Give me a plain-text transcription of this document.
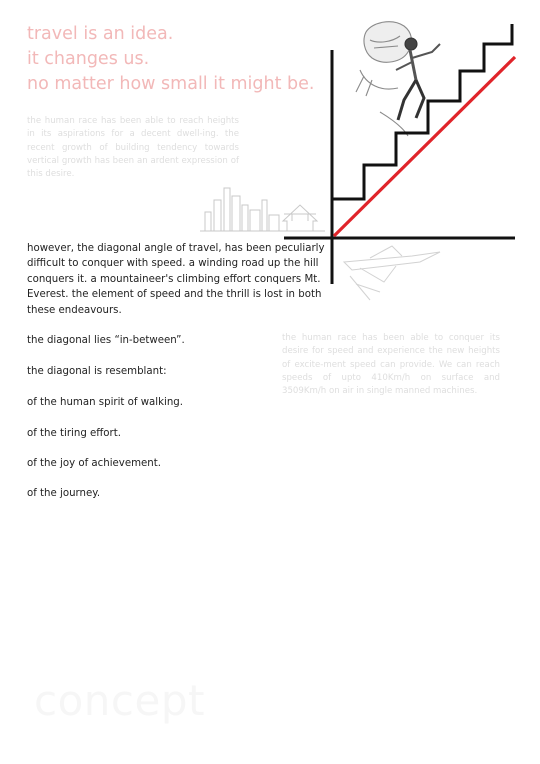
travel is an idea.
it changes us.
no matter how small it might be.
the human race has been able to reach heights in its aspirations for a decent dwell-ing. the recent growth of building tendency towards vertical growth has been an ardent expression of this desire.
however, the diagonal angle of travel, has been peculiarly difficult to conquer with speed. a winding road up the hill conquers it. a mountaineer's climbing effort conquers Mt. Everest. the element of speed and the thrill is lost in both these endeavours.
the human race has been able to conquer its desire for speed and experience the new heights of excite-ment speed can provide. We can reach speeds of upto 410Km/h on surface and 3509Km/h on air in single manned machines.
the diagonal lies “in-between”.
the diagonal is resemblant:
of the human spirit of walking.
of the tiring effort.
of the joy of achievement.
of the journey.
concept
